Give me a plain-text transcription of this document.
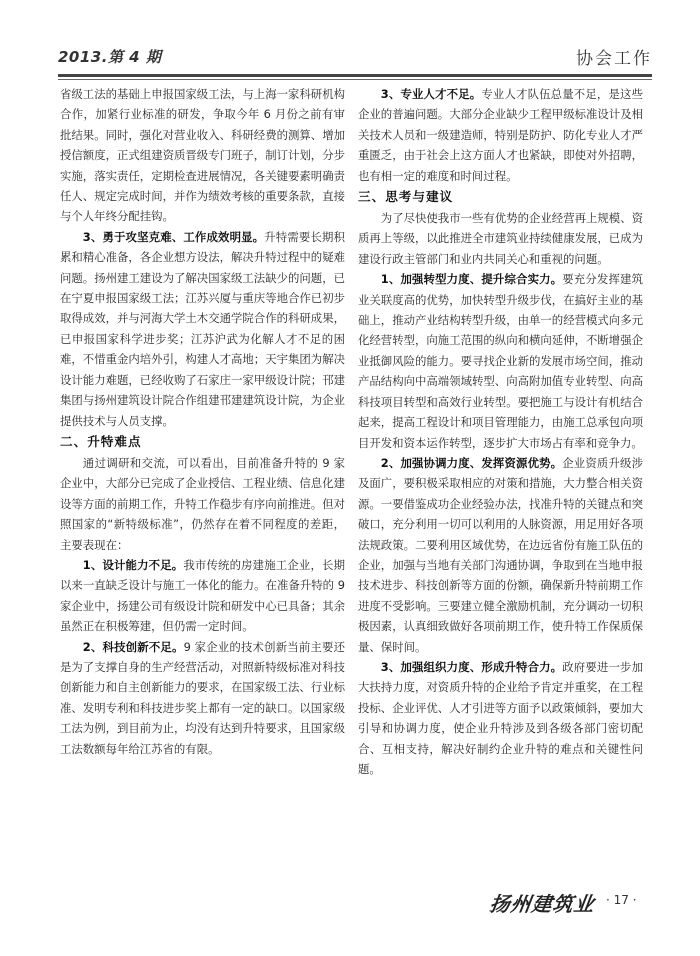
2013.第 4 期	协会工作

省级工法的基础上申报国家级工法，与上海一家科研机构合作，加紧行业标准的研发，争取今年 6 月份之前有审批结果。同时，强化对营业收入、科研经费的测算、增加授信额度，正式组建资质晋级专门班子，制订计划，分步实施，落实责任，定期检查进展情况，各关键要素明确责任人、规定完成时间，并作为绩效考核的重要条款，直接与个人年终分配挂钩。

3、勇于攻坚克难、工作成效明显。升特需要长期积累和精心准备，各企业想方设法，解决升特过程中的疑难问题。扬州建工建设为了解决国家级工法缺少的问题，已在宁夏申报国家级工法；江苏兴厦与重庆等地合作已初步取得成效，并与河海大学土木交通学院合作的科研成果，已申报国家科学进步奖；江苏沪武为化解人才不足的困难，不惜重金内培外引，构建人才高地；天宇集团为解决设计能力难题，已经收购了石家庄一家甲级设计院；邗建集团与扬州建筑设计院合作组建邗建建筑设计院，为企业提供技术与人员支撑。

二、升特难点

通过调研和交流，可以看出，目前准备升特的 9 家企业中，大部分已完成了企业授信、工程业绩、信息化建设等方面的前期工作，升特工作稳步有序向前推进。但对照国家的“新特级标准”，仍然存在着不同程度的差距，主要表现在：

1、设计能力不足。我市传统的房建施工企业，长期以来一直缺乏设计与施工一体化的能力。在准备升特的 9 家企业中，扬建公司有级设计院和研发中心已具备；其余虽然正在积极筹建，但仍需一定时间。

2、科技创新不足。9 家企业的技术创新当前主要还是为了支撑自身的生产经营活动，对照新特级标准对科技创新能力和自主创新能力的要求，在国家级工法、行业标准、发明专利和科技进步奖上都有一定的缺口。以国家级工法为例，到目前为止，均没有达到升特要求，且国家级工法数额每年给江苏省的有限。

3、专业人才不足。专业人才队伍总量不足，是这些企业的普遍问题。大部分企业缺少工程甲级标准设计及相关技术人员和一级建造师，特别是防护、防化专业人才严重匮乏，由于社会上这方面人才也紧缺，即使对外招聘，也有相一定的难度和时间过程。

三、思考与建议

为了尽快使我市一些有优势的企业经营再上规模、资质再上等级，以此推进全市建筑业持续健康发展，已成为建设行政主管部门和业内共同关心和重视的问题。

1、加强转型力度、提升综合实力。要充分发挥建筑业关联度高的优势，加快转型升级步伐，在搞好主业的基础上，推动产业结构转型升级，由单一的经营模式向多元化经营转型，向施工范围的纵向和横向延伸，不断增强企业抵御风险的能力。要寻找企业新的发展市场空间，推动产品结构向中高端领域转型、向高附加值专业转型、向高科技项目转型和高效行业转型。要把施工与设计有机结合起来，提高工程设计和项目管理能力，由施工总承包向项目开发和资本运作转型，逐步扩大市场占有率和竞争力。

2、加强协调力度、发挥资源优势。企业资质升级涉及面广，要积极采取相应的对策和措施，大力整合相关资源。一要借鉴成功企业经验办法，找准升特的关键点和突破口，充分利用一切可以利用的人脉资源，用足用好各项法规政策。二要利用区域优势，在边远省份有施工队伍的企业，加强与当地有关部门沟通协调，争取到在当地申报技术进步、科技创新等方面的份额，确保新升特前期工作进度不受影响。三要建立健全激励机制，充分调动一切积极因素，认真细致做好各项前期工作，使升特工作保质保量、保时间。

3、加强组织力度、形成升特合力。政府要进一步加大扶持力度，对资质升特的企业给予肯定并重奖，在工程投标、企业评优、人才引进等方面予以政策倾斜，要加大引导和协调力度，使企业升特涉及到各级各部门密切配合、互相支持，解决好制约企业升特的难点和关键性问题。

扬州建筑业 · 17 ·
